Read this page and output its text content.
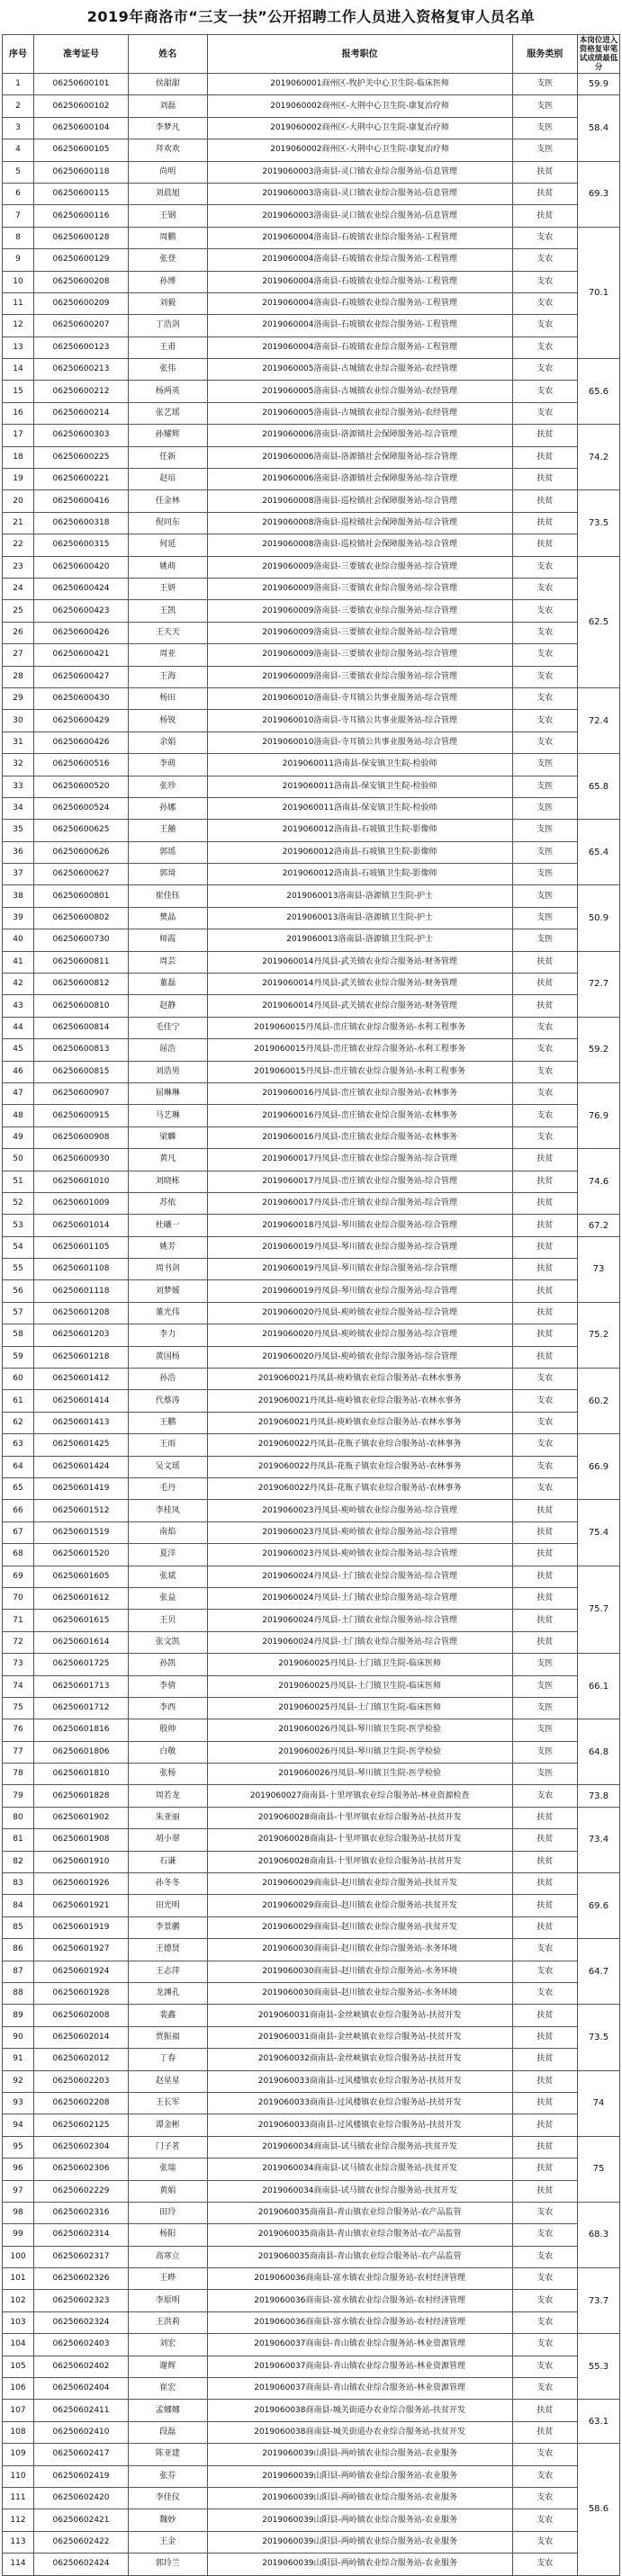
2019年商洛市“三支一扶”公开招聘工作人员进入资格复审人员名单
序号	准考证号	姓名	报考职位	服务类别	本岗位进入资格复审笔试成绩最低分
1	06250600101	侯甜甜	2019060001商州区-牧护关中心卫生院-临床医师	支医	59.9
2	06250600102	刘磊	2019060002商州区-大荆中心卫生院-康复治疗师	支医	58.4
3	06250600104	李梦凡	2019060002商州区-大荆中心卫生院-康复治疗师	支医	
4	06250600105	拜欢欢	2019060002商州区-大荆中心卫生院-康复治疗师	支医	
5	06250600118	尚明	2019060003洛南县-灵口镇农业综合服务站-信息管理	扶贫	69.3
6	06250600115	刘晨旭	2019060003洛南县-灵口镇农业综合服务站-信息管理	扶贫	
7	06250600116	王钢	2019060003洛南县-灵口镇农业综合服务站-信息管理	扶贫	
8	06250600128	周鹏	2019060004洛南县-石坡镇农业综合服务站-工程管理	支农	70.1
9	06250600129	张登	2019060004洛南县-石坡镇农业综合服务站-工程管理	支农	
10	06250600208	孙博	2019060004洛南县-石坡镇农业综合服务站-工程管理	支农	
11	06250600209	刘毅	2019060004洛南县-石坡镇农业综合服务站-工程管理	支农	
12	06250600207	丁浩剑	2019060004洛南县-石坡镇农业综合服务站-工程管理	支农	
13	06250600123	王甫	2019060004洛南县-石坡镇农业综合服务站-工程管理	支农	
14	06250600213	张伟	2019060005洛南县-古城镇农业综合服务站-农经管理	支农	65.6
15	06250600212	杨两英	2019060005洛南县-古城镇农业综合服务站-农经管理	支农	
16	06250600214	张艺瑶	2019060005洛南县-古城镇农业综合服务站-农经管理	支农	
17	06250600303	孙耀辉	2019060006洛南县-洛源镇社会保障服务站-综合管理	扶贫	74.2
18	06250600225	任新	2019060006洛南县-洛源镇社会保障服务站-综合管理	扶贫	
19	06250600221	赵培	2019060006洛南县-洛源镇社会保障服务站-综合管理	扶贫	
20	06250600416	任金林	2019060008洛南县-巡检镇社会保障服务站-综合管理	扶贫	73.5
21	06250600318	倪同东	2019060008洛南县-巡检镇社会保障服务站-综合管理	扶贫	
22	06250600315	何延	2019060008洛南县-巡检镇社会保障服务站-综合管理	扶贫	
23	06250600420	姚萌	2019060009洛南县-三要镇农业综合服务站-综合管理	支农	62.5
24	06250600424	王妍	2019060009洛南县-三要镇农业综合服务站-综合管理	支农	
25	06250600423	王凯	2019060009洛南县-三要镇农业综合服务站-综合管理	支农	
26	06250600426	王天天	2019060009洛南县-三要镇农业综合服务站-综合管理	支农	
27	06250600421	周亚	2019060009洛南县-三要镇农业综合服务站-综合管理	支农	
28	06250600427	王海	2019060009洛南县-三要镇农业综合服务站-综合管理	支农	
29	06250600430	杨田	2019060010洛南县-寺耳镇公共事业服务站-综合管理	支农	72.4
30	06250600429	杨锐	2019060010洛南县-寺耳镇公共事业服务站-综合管理	支农	
31	06250600426	余娟	2019060010洛南县-寺耳镇公共事业服务站-综合管理	支农	
32	06250600516	李萌	2019060011洛南县-保安镇卫生院-检验师	支医	65.8
33	06250600520	张珍	2019060011洛南县-保安镇卫生院-检验师	支医	
34	06250600524	孙娜	2019060011洛南县-保安镇卫生院-检验师	支医	
35	06250600625	王囍	2019060012洛南县-石坡镇卫生院-影像师	支医	65.4
36	06250600626	郭瑶	2019060012洛南县-石坡镇卫生院-影像师	支医	
37	06250600627	郭琦	2019060012洛南县-石坡镇卫生院-影像师	支医	
38	06250600801	崔佳钰	2019060013洛南县-洛源镇卫生院-护士	支医	50.9
39	06250600802	樊晶	2019060013洛南县-洛源镇卫生院-护士	支医	
40	06250600730	师霞	2019060013洛南县-洛源镇卫生院-护士	支医	
41	06250600811	周芸	2019060014丹凤县-武关镇农业综合服务站-财务管理	扶贫	72.7
42	06250600812	董磊	2019060014丹凤县-武关镇农业综合服务站-财务管理	扶贫	
43	06250600810	赵静	2019060014丹凤县-武关镇农业综合服务站-财务管理	扶贫	
44	06250600814	毛佳宁	2019060015丹凤县-峦庄镇农业综合服务站-水利工程事务	支农	59.2
45	06250600813	屈浩	2019060015丹凤县-峦庄镇农业综合服务站-水利工程事务	支农	
46	06250600815	刘浩男	2019060015丹凤县-峦庄镇农业综合服务站-水利工程事务	支农	
47	06250600907	屈琳琳	2019060016丹凤县-峦庄镇农业综合服务站-农林事务	支农	76.9
48	06250600915	马艺琳	2019060016丹凤县-峦庄镇农业综合服务站-农林事务	支农	
49	06250600908	梁麟	2019060016丹凤县-峦庄镇农业综合服务站-农林事务	支农	
50	06250600930	黄凡	2019060017丹凤县-峦庄镇农业综合服务站-综合管理	扶贫	74.6
51	06250601010	刘晓栋	2019060017丹凤县-峦庄镇农业综合服务站-综合管理	扶贫	
52	06250601009	苏依	2019060017丹凤县-峦庄镇农业综合服务站-综合管理	扶贫	
53	06250601014	杜曦一	2019060018丹凤县-琴川镇农业综合服务站-综合管理	扶贫	67.2
54	06250601105	姚芳	2019060019丹凤县-琴川镇农业综合服务站-综合管理	扶贫	73
55	06250601108	周书剑	2019060019丹凤县-琴川镇农业综合服务站-综合管理	扶贫	
56	06250601118	刘梦媛	2019060019丹凤县-琴川镇农业综合服务站-综合管理	扶贫	
57	06250601208	董光伟	2019060020丹凤县-庾岭镇农业综合服务站-综合管理	扶贫	75.2
58	06250601203	李力	2019060020丹凤县-庾岭镇农业综合服务站-综合管理	扶贫	
59	06250601218	黄国杨	2019060020丹凤县-庾岭镇农业综合服务站-综合管理	扶贫	
60	06250601412	孙浩	2019060021丹凤县-庾岭镇农业综合服务站-农林水事务	支农	60.2
61	06250601414	代蔡涛	2019060021丹凤县-庾岭镇农业综合服务站-农林水事务	支农	
62	06250601413	王鹏	2019060021丹凤县-庾岭镇农业综合服务站-农林水事务	支农	
63	06250601425	王雨	2019060022丹凤县-花瓶子镇农业综合服务站-农林事务	支农	66.9
64	06250601424	吴文瑶	2019060022丹凤县-花瓶子镇农业综合服务站-农林事务	支农	
65	06250601419	毛丹	2019060022丹凤县-花瓶子镇农业综合服务站-农林事务	支农	
66	06250601512	李桂凤	2019060023丹凤县-庾岭镇农业综合服务站-综合管理	扶贫	75.4
67	06250601519	南焰	2019060023丹凤县-庾岭镇农业综合服务站-综合管理	扶贫	
68	06250601520	夏洋	2019060023丹凤县-庾岭镇农业综合服务站-综合管理	扶贫	
69	06250601605	张斌	2019060024丹凤县-土门镇农业综合服务站-综合管理	扶贫	75.7
70	06250601612	张益	2019060024丹凤县-土门镇农业综合服务站-综合管理	扶贫	
71	06250601615	王贝	2019060024丹凤县-土门镇农业综合服务站-综合管理	扶贫	
72	06250601614	张文凯	2019060024丹凤县-土门镇农业综合服务站-综合管理	扶贫	
73	06250601725	孙凯	2019060025丹凤县-土门镇卫生院-临床医师	支医	66.1
74	06250601713	李倩	2019060025丹凤县-土门镇卫生院-临床医师	支医	
75	06250601712	李西	2019060025丹凤县-土门镇卫生院-临床医师	支医	
76	06250601816	殷帅	2019060026丹凤县-琴川镇卫生院-医学检验	支医	64.8
77	06250601806	白敬	2019060026丹凤县-琴川镇卫生院-医学检验	支医	
78	06250601810	张杨	2019060026丹凤县-琴川镇卫生院-医学检验	支医	
79	06250601828	周若龙	2019060027商南县-十里坪镇农业综合服务站-林业资源检查	支农	73.8
80	06250601902	朱亚丽	2019060028商南县-十里坪镇农业综合服务站-扶贫开发	扶贫	73.4
81	06250601908	胡小翠	2019060028商南县-十里坪镇农业综合服务站-扶贫开发	扶贫	
82	06250601910	石谦	2019060028商南县-十里坪镇农业综合服务站-扶贫开发	扶贫	
83	06250601926	孙冬冬	2019060029商南县-赵川镇农业综合服务站-扶贫开发	扶贫	69.6
84	06250601921	田光明	2019060029商南县-赵川镇农业综合服务站-扶贫开发	扶贫	
85	06250601919	李景鹏	2019060029商南县-赵川镇农业综合服务站-扶贫开发	扶贫	
86	06250601927	王德贤	2019060030商南县-赵川镇农业综合服务站-水务环境	支农	64.7
87	06250601924	王志萍	2019060030商南县-赵川镇农业综合服务站-水务环境	支农	
88	06250601928	龙渊孔	2019060030商南县-赵川镇农业综合服务站-水务环境	支农	
89	06250602008	裴鑫	2019060031商南县-金丝峡镇农业综合服务站-扶贫开发	扶贫	73.5
90	06250602014	贾振福	2019060031商南县-金丝峡镇农业综合服务站-扶贫开发	扶贫	
91	06250602012	丁春	2019060032商南县-金丝峡镇农业综合服务站-扶贫开发	扶贫	
92	06250602203	赵星星	2019060033商南县-过风楼镇农业综合服务站-扶贫开发	扶贫	74
93	06250602208	王长军	2019060033商南县-过风楼镇农业综合服务站-扶贫开发	扶贫	
94	06250602125	谭金彬	2019060033商南县-过风楼镇农业综合服务站-扶贫开发	扶贫	
95	06250602304	门子茗	2019060034商南县-试马镇农业综合服务站-扶贫开发	扶贫	75
96	06250602306	张瑞	2019060034商南县-试马镇农业综合服务站-扶贫开发	扶贫	
97	06250602229	黄娟	2019060034商南县-试马镇农业综合服务站-扶贫开发	扶贫	
98	06250602316	田玲	2019060035商南县-青山镇农业综合服务站-农产品监管	支农	68.3
99	06250602314	杨阳	2019060035商南县-青山镇农业综合服务站-农产品监管	支农	
100	06250602317	高寒立	2019060035商南县-青山镇农业综合服务站-农产品监管	支农	
101	06250602326	王晔	2019060036商南县-富水镇农业综合服务站-农村经济管理	支农	73.7
102	06250602323	李原明	2019060036商南县-富水镇农业综合服务站-农村经济管理	支农	
103	06250602324	王洪莉	2019060036商南县-富水镇农业综合服务站-农村经济管理	支农	
104	06250602403	刘宏	2019060037商南县-青山镇农业综合服务站-林业资源管理	支农	55.3
105	06250602402	谢辉	2019060037商南县-青山镇农业综合服务站-林业资源管理	支农	
106	06250602404	崔宏	2019060037商南县-青山镇农业综合服务站-林业资源管理	支农	
107	06250602411	孟娜娜	2019060038商南县-城关街道办农业综合服务站-扶贫开发	扶贫	63.1
108	06250602410	段磊	2019060038商南县-城关街道办农业综合服务站-扶贫开发	扶贫	
109	06250602417	陈亚建	2019060039山阳县-两岭镇农业综合服务站-农业服务	支农	58.6
110	06250602419	张芬	2019060039山阳县-两岭镇农业综合服务站-农业服务	支农	
111	06250602420	李佳仪	2019060039山阳县-两岭镇农业综合服务站-农业服务	支农	
112	06250602421	魏妙	2019060039山阳县-两岭镇农业综合服务站-农业服务	支农	
113	06250602422	王金	2019060039山阳县-两岭镇农业综合服务站-农业服务	支农	
114	06250602424	郭玲兰	2019060039山阳县-两岭镇农业综合服务站-农业服务	支农	
